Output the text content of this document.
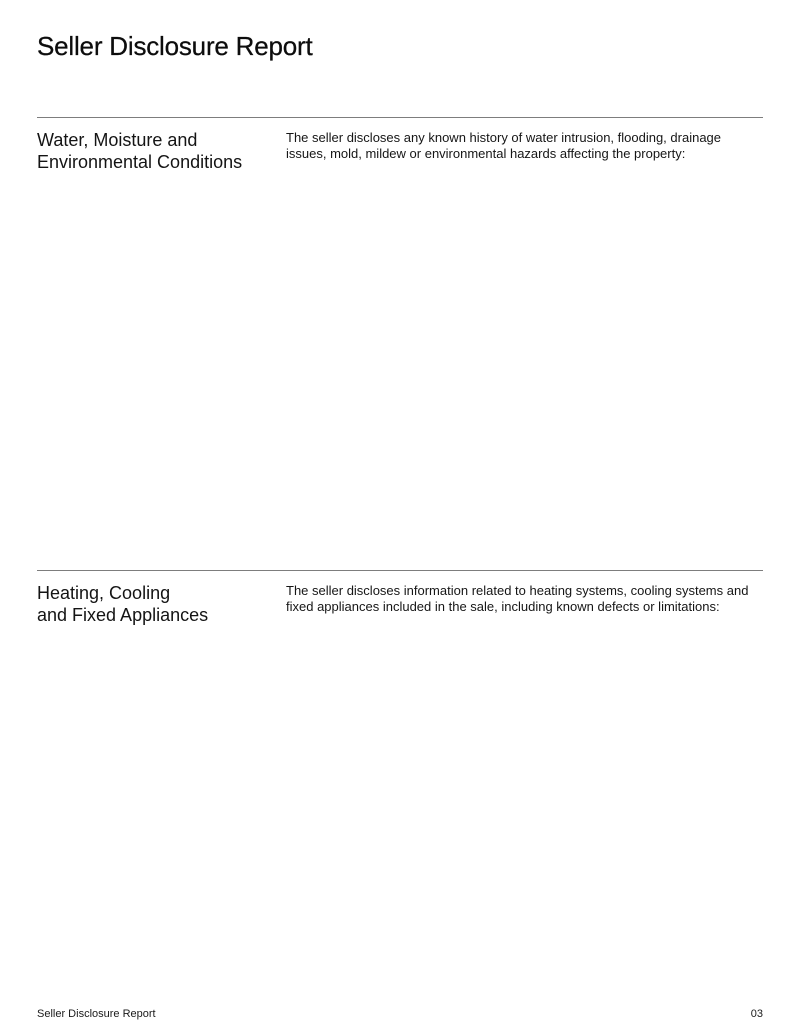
Seller Disclosure Report
Water, Moisture and
Environmental Conditions

The seller discloses any known history of water intrusion, flooding, drainage
issues, mold, mildew or environmental hazards affecting the property:

Heating, Cooling
and Fixed Appliances

The seller discloses information related to heating systems, cooling systems and
fixed appliances included in the sale, including known defects or limitations:

Seller Disclosure Report	03
